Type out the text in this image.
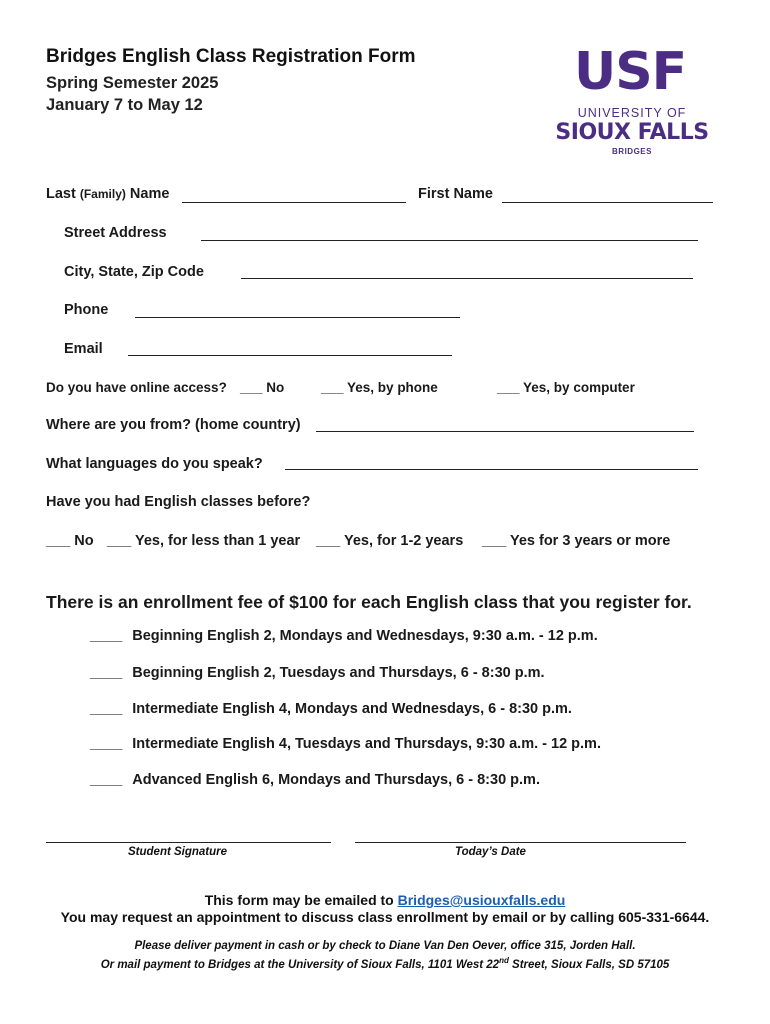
Bridges English Class Registration Form
Spring Semester 2025
January 7 to May 12
USF
UNIVERSITY OF
SIOUX FALLS
BRIDGES
Last (Family) Name	First Name
Street Address
City, State, Zip Code
Phone
Email
Do you have online access? ___ No	___ Yes, by phone	___ Yes, by computer
Where are you from? (home country)
What languages do you speak?
Have you had English classes before?
___ No ___ Yes, for less than 1 year ___ Yes, for 1-2 years ___ Yes for 3 years or more
There is an enrollment fee of $100 for each English class that you register for.
____ Beginning English 2, Mondays and Wednesdays, 9:30 a.m. - 12 p.m.
____ Beginning English 2, Tuesdays and Thursdays, 6 - 8:30 p.m.
____ Intermediate English 4, Mondays and Wednesdays, 6 - 8:30 p.m.
____ Intermediate English 4, Tuesdays and Thursdays, 9:30 a.m. - 12 p.m.
____ Advanced English 6, Mondays and Thursdays, 6 - 8:30 p.m.
Student Signature	Today’s Date
This form may be emailed to Bridges@usiouxfalls.edu
You may request an appointment to discuss class enrollment by email or by calling 605-331-6644.
Please deliver payment in cash or by check to Diane Van Den Oever, office 315, Jorden Hall.
Or mail payment to Bridges at the University of Sioux Falls, 1101 West 22nd Street, Sioux Falls, SD 57105
